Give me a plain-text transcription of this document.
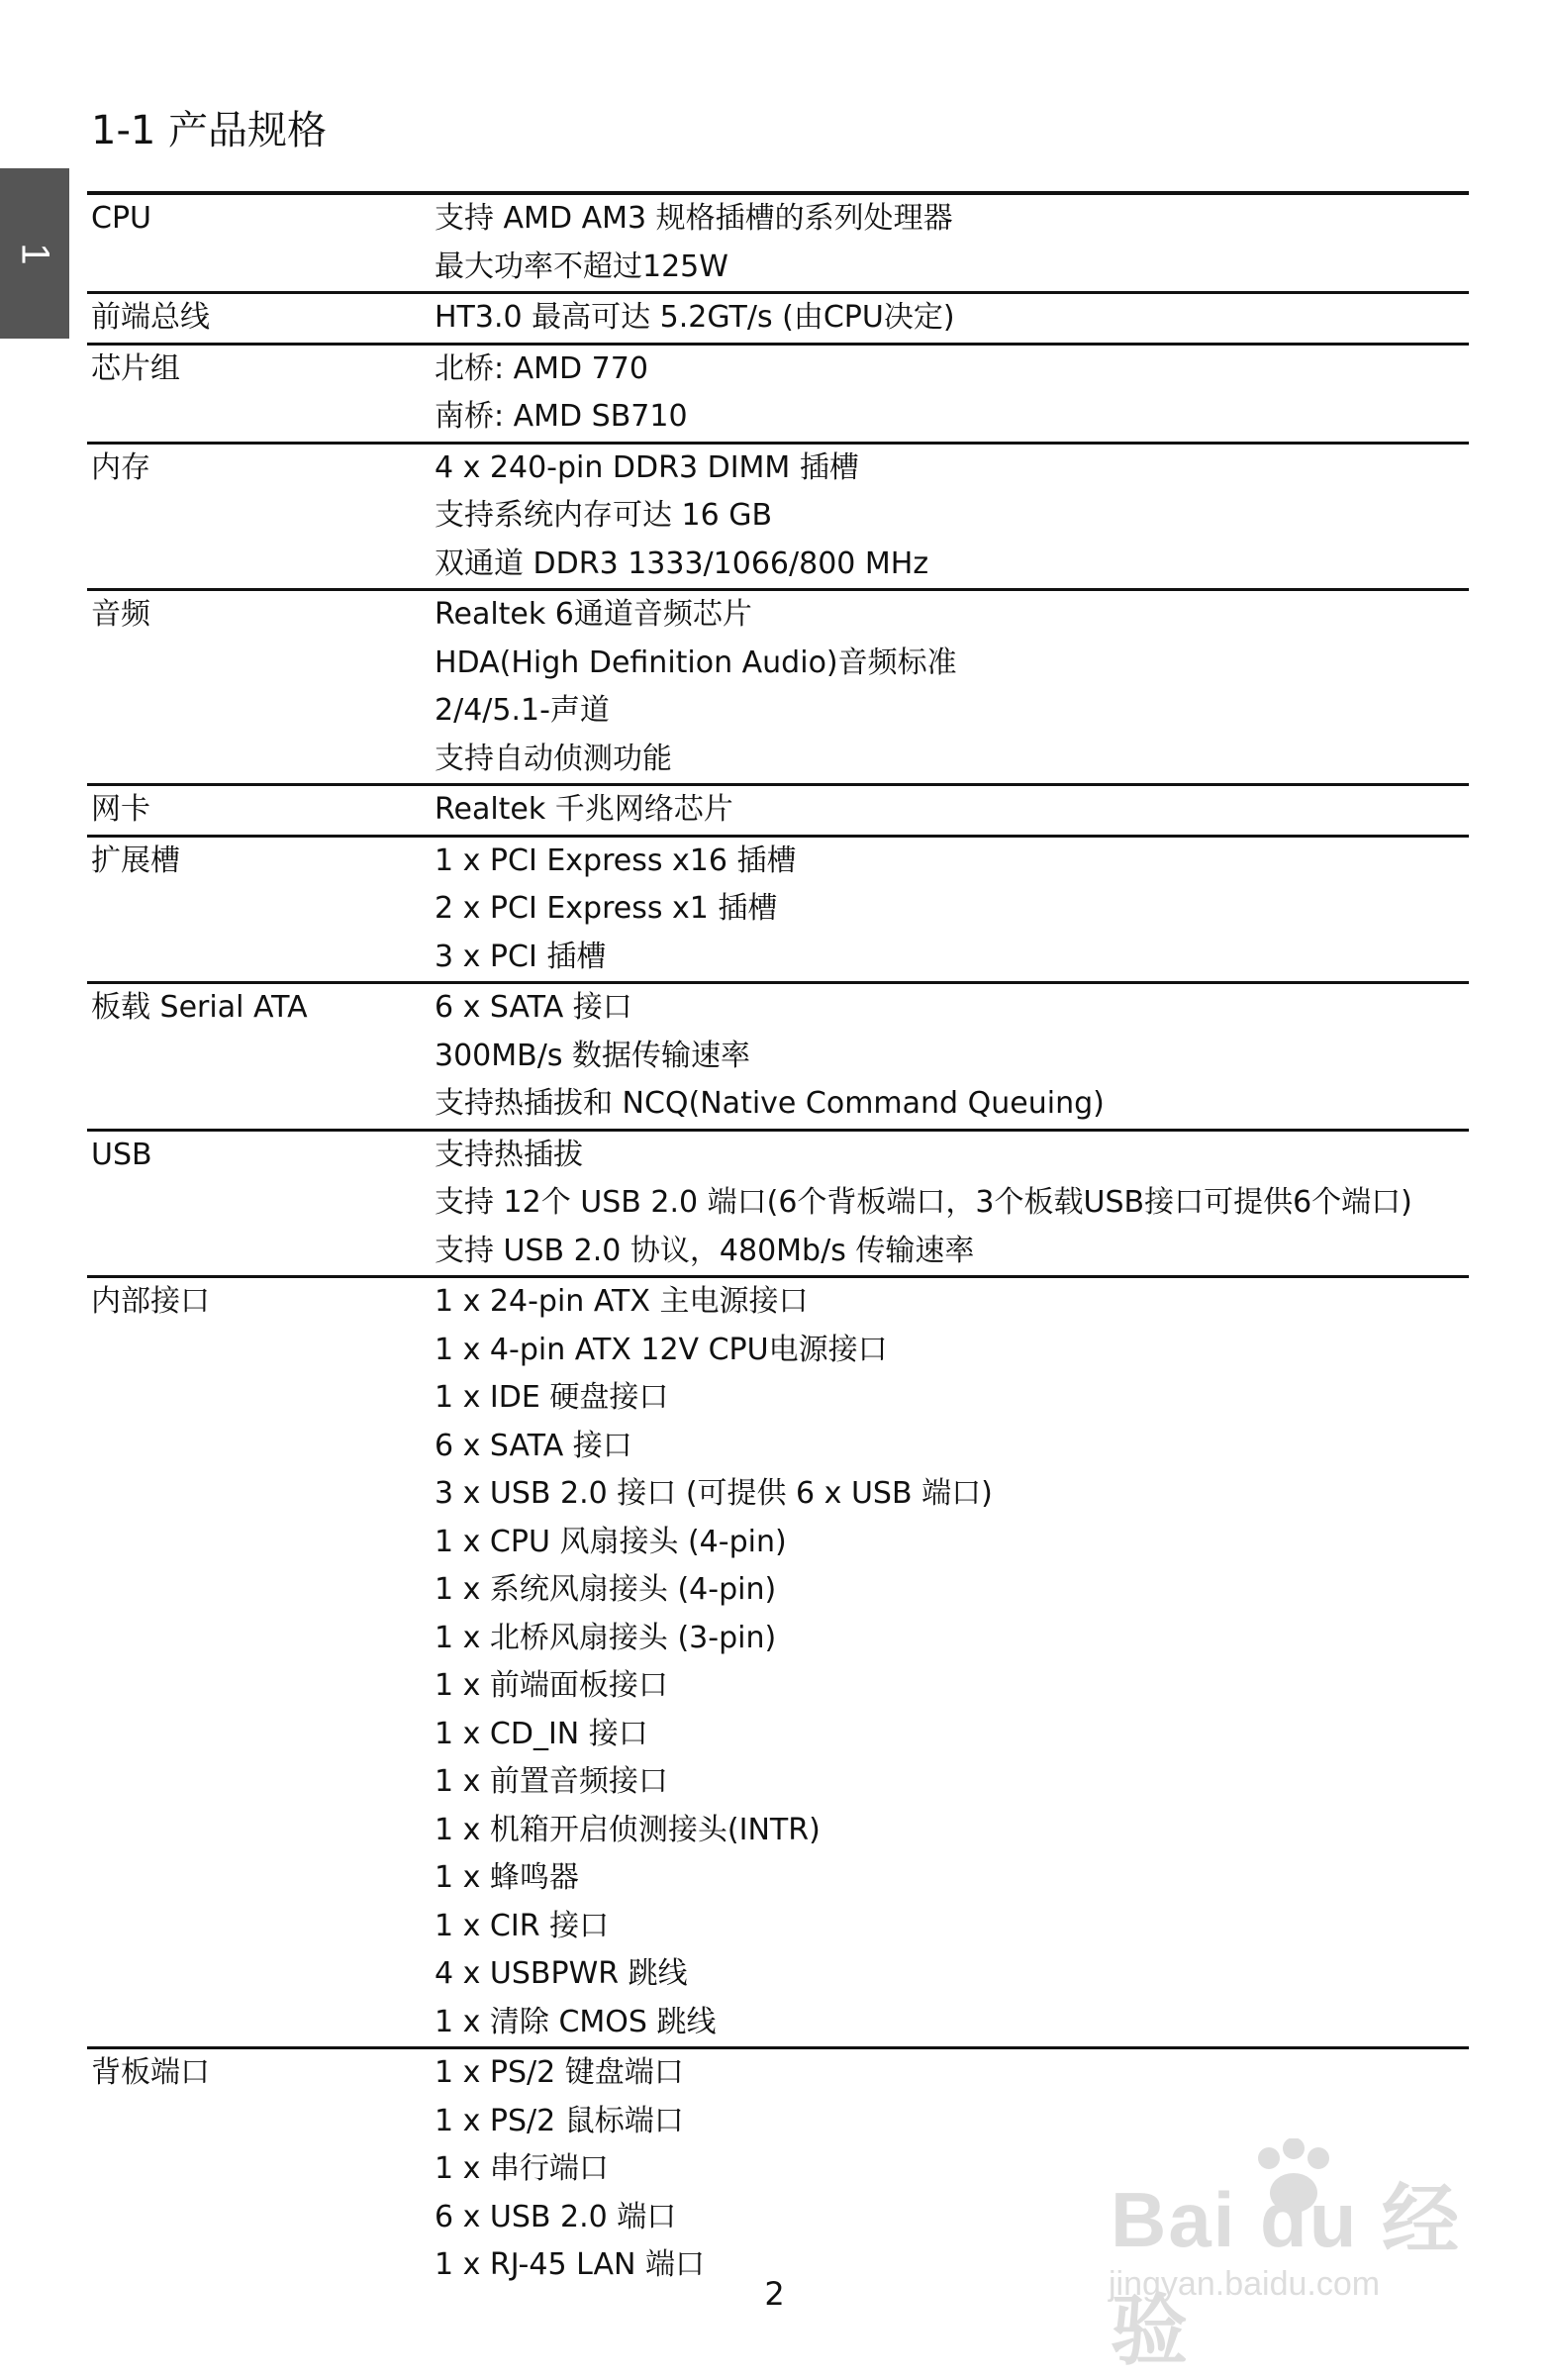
1
1-1 产品规格
CPU	支持 AMD AM3 规格插槽的系列处理器
最大功率不超过125W
前端总线	HT3.0 最高可达 5.2GT/s (由CPU决定)
芯片组	北桥: AMD 770
南桥: AMD SB710
内存	4 x 240-pin DDR3 DIMM 插槽
支持系统内存可达 16 GB
双通道 DDR3 1333/1066/800 MHz
音频	Realtek 6通道音频芯片
HDA(High Definition Audio)音频标准
2/4/5.1-声道
支持自动侦测功能
网卡	Realtek 千兆网络芯片
扩展槽	1 x PCI Express x16 插槽
2 x PCI Express x1 插槽
3 x PCI 插槽
板载 Serial ATA	6 x SATA 接口
300MB/s 数据传输速率
支持热插拔和 NCQ(Native Command Queuing)
USB	支持热插拔
支持 12个 USB 2.0 端口(6个背板端口，3个板载USB接口可提供6个端口)
支持 USB 2.0 协议，480Mb/s 传输速率
内部接口	1 x 24-pin ATX 主电源接口
1 x 4-pin ATX 12V CPU电源接口
1 x IDE 硬盘接口
6 x SATA 接口
3 x USB 2.0 接口 (可提供 6 x USB 端口)
1 x CPU 风扇接头 (4-pin)
1 x 系统风扇接头 (4-pin)
1 x 北桥风扇接头 (3-pin)
1 x 前端面板接口
1 x CD_IN 接口
1 x 前置音频接口
1 x 机箱开启侦测接头(INTR)
1 x 蜂鸣器
1 x CIR 接口
4 x USBPWR 跳线
1 x 清除 CMOS 跳线
背板端口	1 x PS/2 键盘端口
1 x PS/2 鼠标端口
1 x 串行端口
6 x USB 2.0 端口
1 x RJ-45 LAN 端口
2
Bai du 经验
jingyan.baidu.com
